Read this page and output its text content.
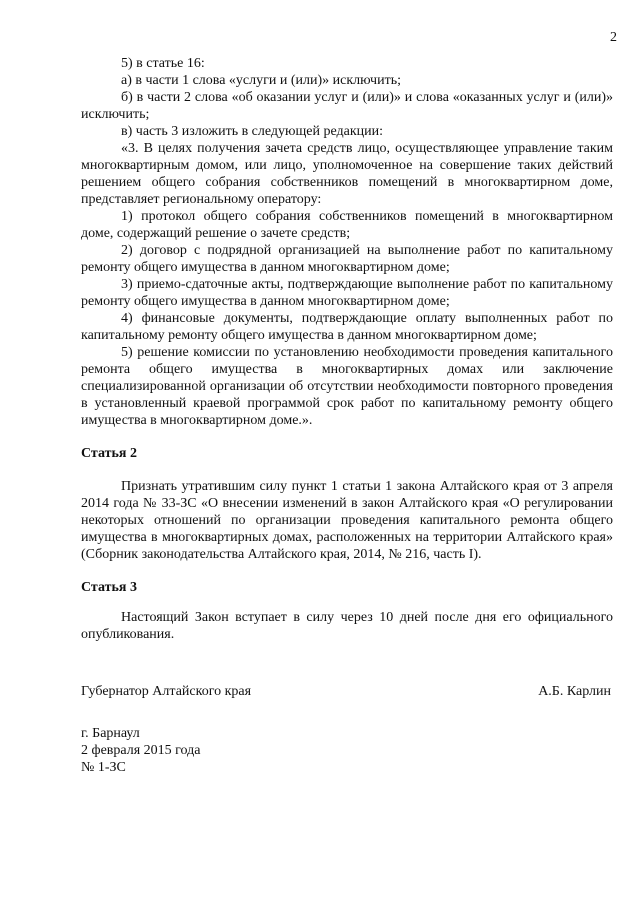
2

5) в статье 16:

а) в части 1 слова «услуги и (или)» исключить;

б) в части 2 слова «об оказании услуг и (или)» и слова «оказанных услуг и (или)» исключить;

в) часть 3 изложить в следующей редакции:

«3. В целях получения зачета средств лицо, осуществляющее управление таким многоквартирным домом, или лицо, уполномоченное на совершение таких действий решением общего собрания собственников помещений в многоквартирном доме, представляет региональному оператору:

1) протокол общего собрания собственников помещений в многоквартирном доме, содержащий решение о зачете средств;

2) договор с подрядной организацией на выполнение работ по капитальному ремонту общего имущества в данном многоквартирном доме;

3) приемо-сдаточные акты, подтверждающие выполнение работ по капитальному ремонту общего имущества в данном многоквартирном доме;

4) финансовые документы, подтверждающие оплату выполненных работ по капитальному ремонту общего имущества в данном многоквартирном доме;

5) решение комиссии по установлению необходимости проведения капитального ремонта общего имущества в многоквартирных домах или заключение специализированной организации об отсутствии необходимости повторного проведения в установленный краевой программой срок работ по капитальному ремонту общего имущества в многоквартирном доме.».

Статья 2

Признать утратившим силу пункт 1 статьи 1 закона Алтайского края от 3 апреля 2014 года № 33-ЗС «О внесении изменений в закон Алтайского края «О регулировании некоторых отношений по организации проведения капитального ремонта общего имущества в многоквартирных домах, расположенных на территории Алтайского края» (Сборник законодательства Алтайского края, 2014, № 216, часть I).

Статья 3

Настоящий Закон вступает в силу через 10 дней после дня его официального опубликования.

Губернатор Алтайского края	А.Б. Карлин
г. Барнаул
2 февраля 2015 года
№ 1-ЗС
